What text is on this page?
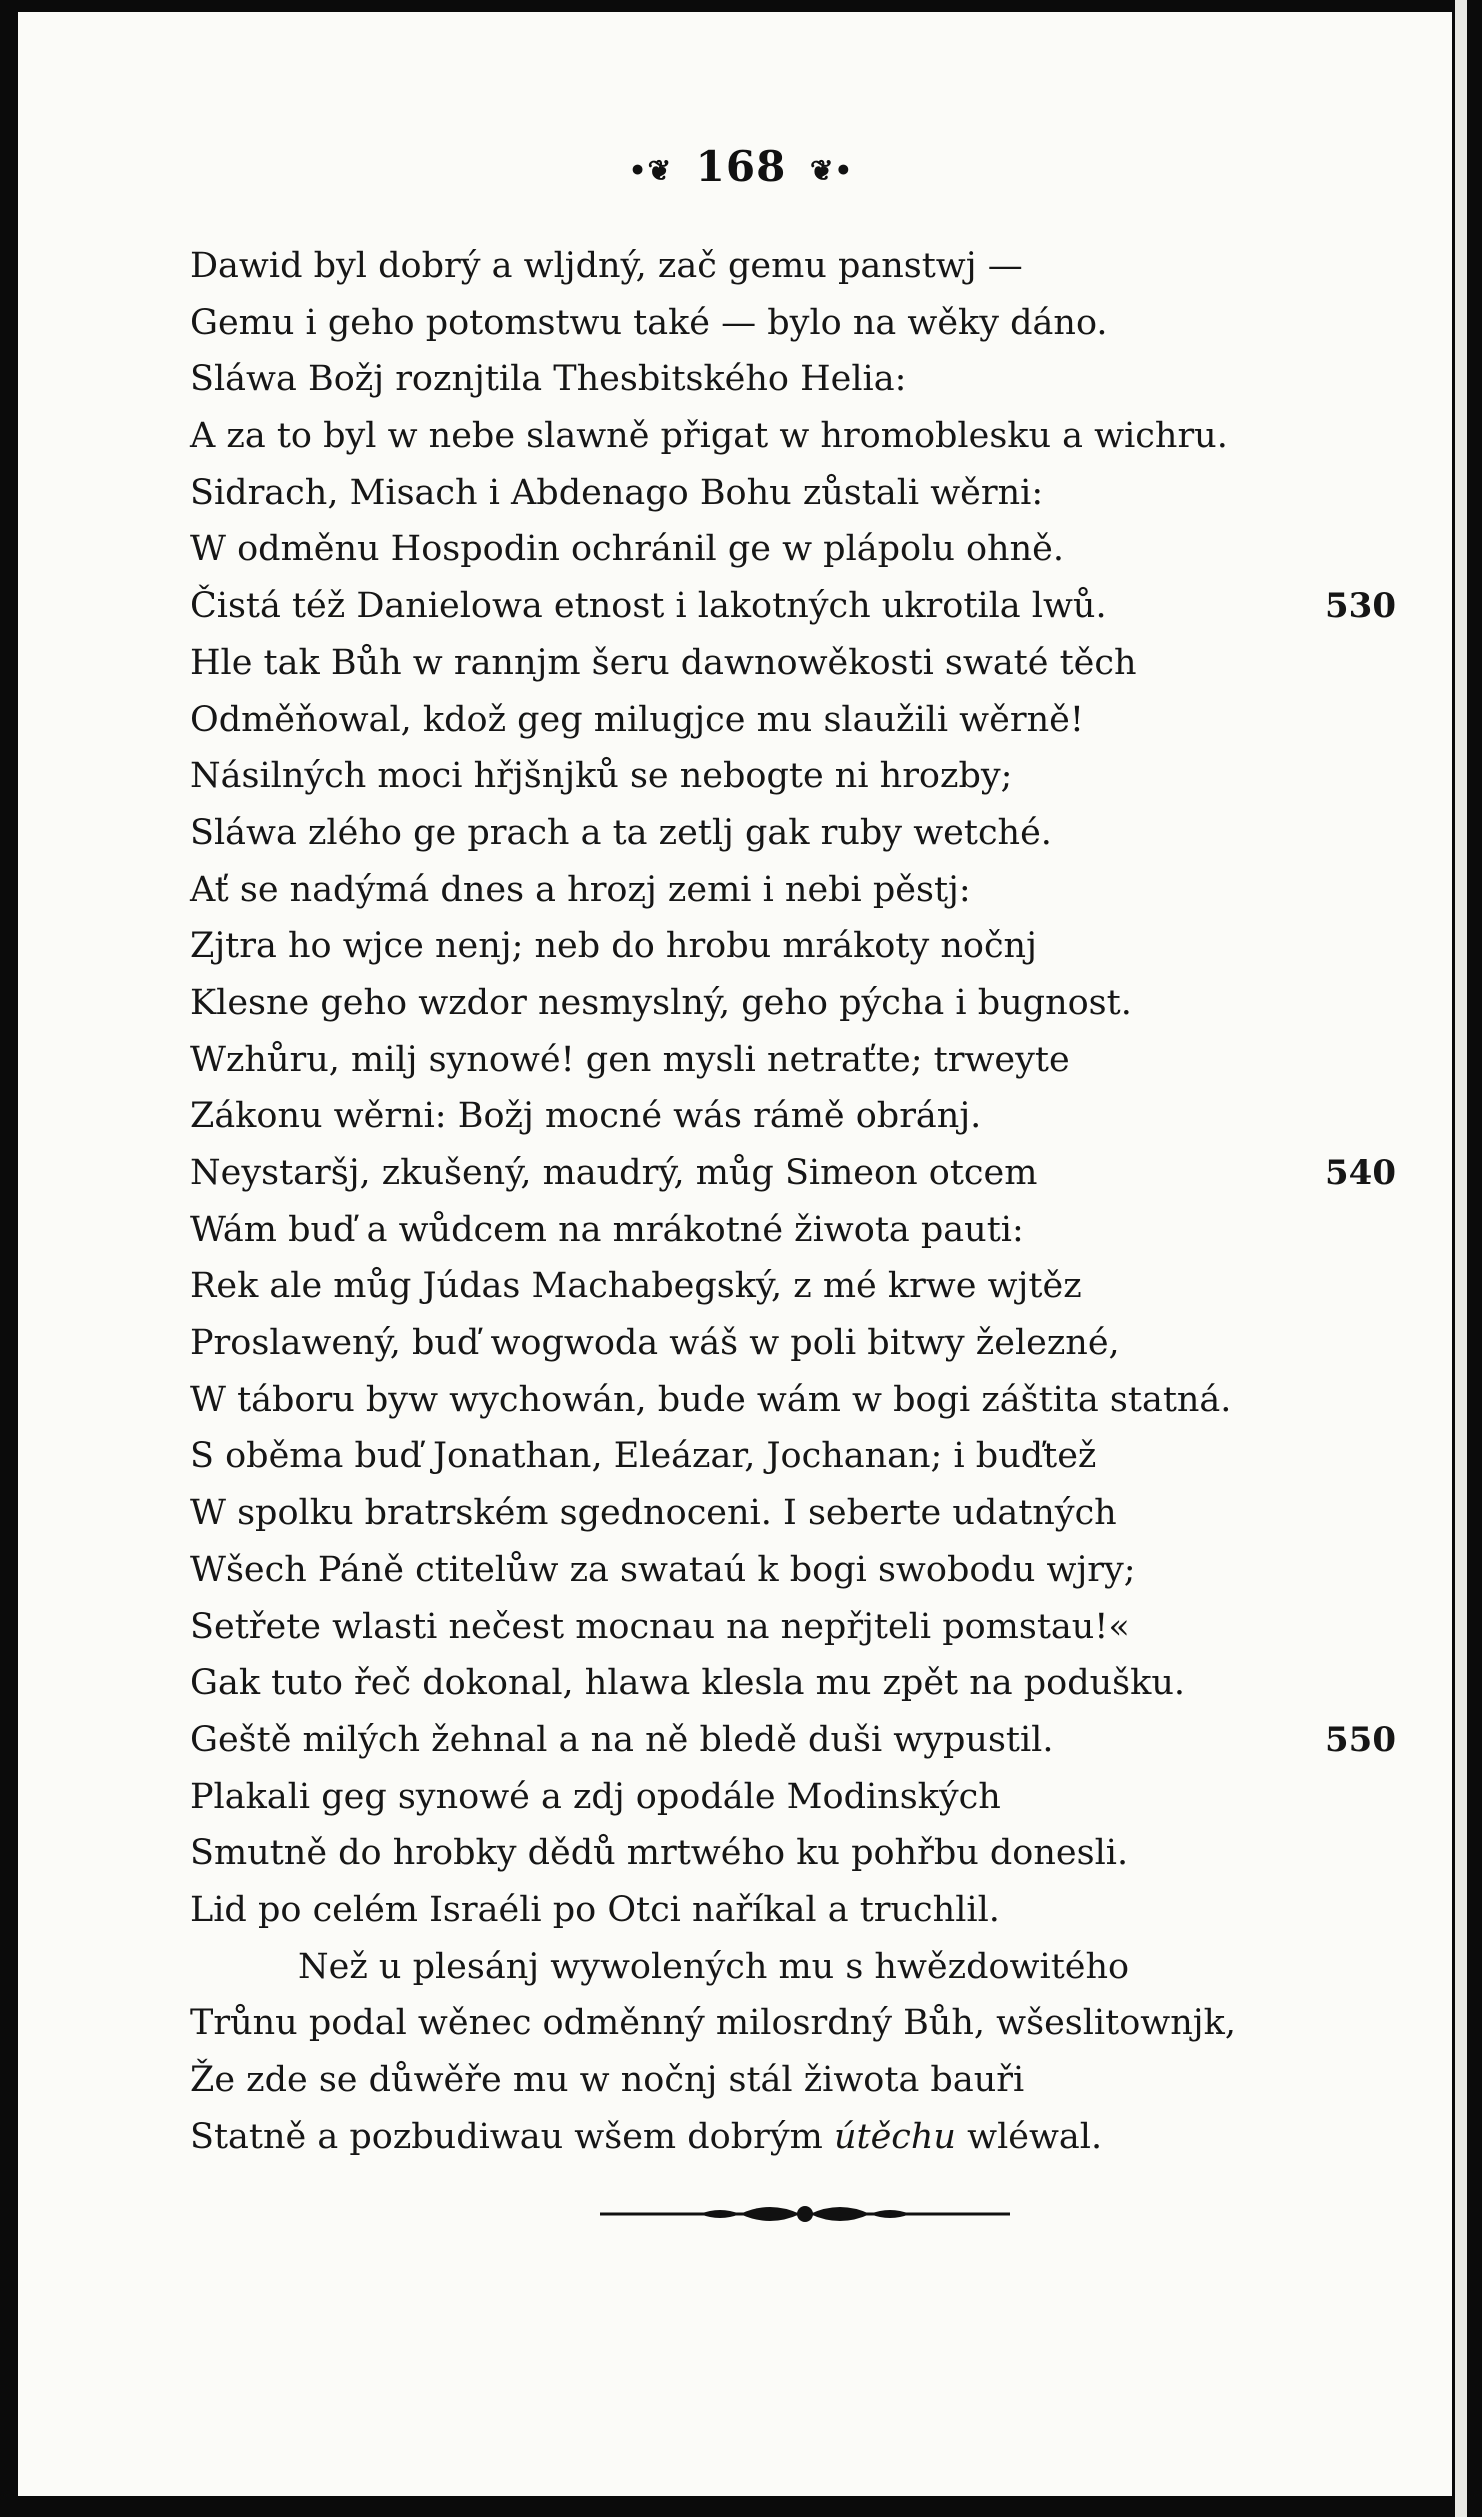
•❦ 168 ❦•
Dawid byl dobrý a wljdný, zač gemu panstwj —
Gemu i geho potomstwu také — bylo na wěky dáno.
Sláwa Božj roznjtila Thesbitského Helia:
A za to byl w nebe slawně přigat w hromoblesku a wichru.
Sidrach, Misach i Abdenago Bohu zůstali wěrni:
W odměnu Hospodin ochránil ge w plápolu ohně.
Čistá též Danielowa etnost i lakotných ukrotila lwů.	530
Hle tak Bůh w rannjm šeru dawnowěkosti swaté těch
Odměňowal, kdož geg milugjce mu slaužili wěrně!
Násilných moci hřjšnjků se nebogte ni hrozby;
Sláwa zlého ge prach a ta zetlj gak ruby wetché.
Ať se nadýmá dnes a hrozj zemi i nebi pěstj:
Zjtra ho wjce nenj; neb do hrobu mrákoty nočnj
Klesne geho wzdor nesmyslný, geho pýcha i bugnost.
Wzhůru, milj synowé! gen mysli netraťte; trweyte
Zákonu wěrni: Božj mocné wás rámě obránj.
Neystaršj, zkušený, maudrý, můg Simeon otcem	540
Wám buď a wůdcem na mrákotné žiwota pauti:
Rek ale můg Júdas Machabegský, z mé krwe wjtěz
Proslawený, buď wogwoda wáš w poli bitwy železné,
W táboru byw wychowán, bude wám w bogi záštita statná.
S oběma buď Jonathan, Eleázar, Jochanan; i buďtež
W spolku bratrském sgednoceni. I seberte udatných
Wšech Páně ctitelůw za swataú k bogi swobodu wjry;
Setřete wlasti nečest mocnau na nepřjteli pomstau!«
Gak tuto řeč dokonal, hlawa klesla mu zpět na podušku.
Geště milých žehnal a na ně bledě duši wypustil.	550
Plakali geg synowé a zdj opodále Modinských
Smutně do hrobky dědů mrtwého ku pohřbu donesli.
Lid po celém Israéli po Otci naříkal a truchlil.
Než u plesánj wywolených mu s hwězdowitého
Trůnu podal wěnec odměnný milosrdný Bůh, wšeslitownjk,
Že zde se důwěře mu w nočnj stál žiwota bauři
Statně a pozbudiwau wšem dobrým útěchu wléwal.
